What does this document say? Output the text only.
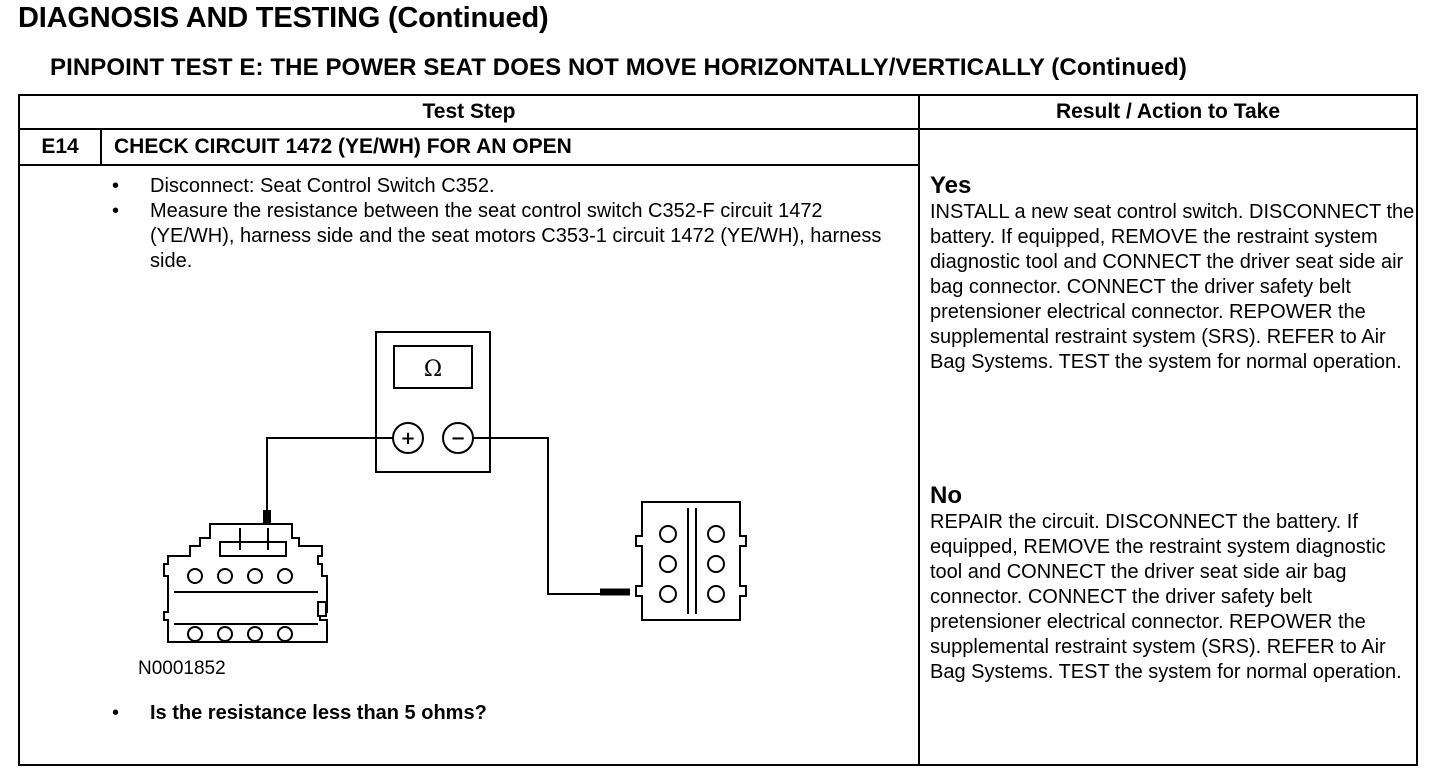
DIAGNOSIS AND TESTING (Continued)
PINPOINT TEST E: THE POWER SEAT DOES NOT MOVE HORIZONTALLY/VERTICALLY (Continued)
Test Step	Result / Action to Take
E14	CHECK CIRCUIT 1472 (YE/WH) FOR AN OPEN
•	Disconnect: Seat Control Switch C352.
•	Measure the resistance between the seat control switch C352-F circuit 1472 (YE/WH), harness side and the seat motors C353-1 circuit 1472 (YE/WH), harness side.
N0001852
•	Is the resistance less than 5 ohms?
Yes
INSTALL a new seat control switch. DISCONNECT the battery. If equipped, REMOVE the restraint system diagnostic tool and CONNECT the driver seat side air bag connector. CONNECT the driver safety belt pretensioner electrical connector. REPOWER the supplemental restraint system (SRS). REFER to Air Bag Systems. TEST the system for normal operation.
No
REPAIR the circuit. DISCONNECT the battery. If equipped, REMOVE the restraint system diagnostic tool and CONNECT the driver seat side air bag connector. CONNECT the driver safety belt pretensioner electrical connector. REPOWER the supplemental restraint system (SRS). REFER to Air Bag Systems. TEST the system for normal operation.
Ω
+ −
